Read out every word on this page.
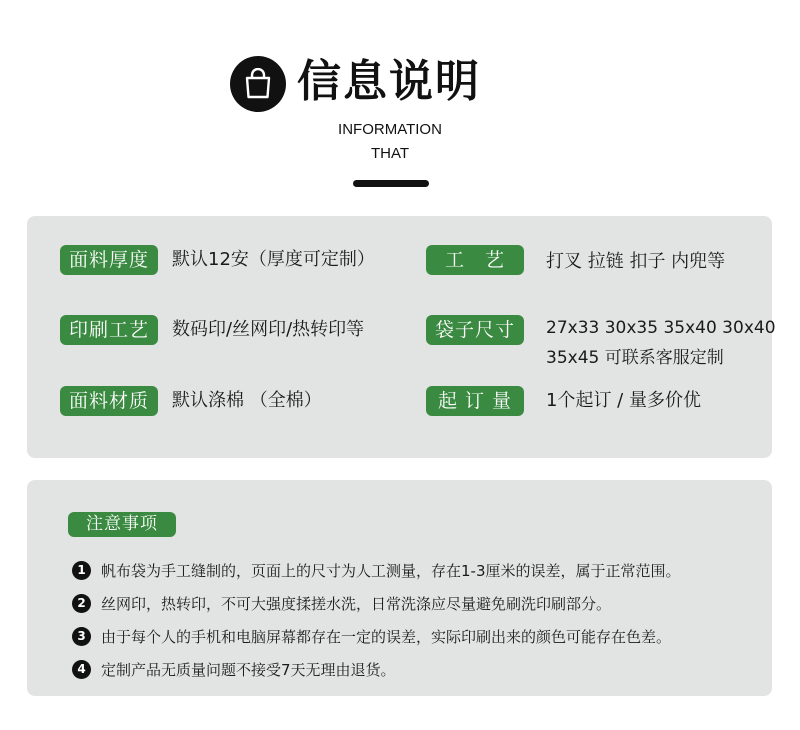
信息说明
INFORMATION
THAT
面料厚度	默认12安（厚度可定制）	工　艺	打叉 拉链 扣子 内兜等
印刷工艺	数码印/丝网印/热转印等	袋子尺寸	27x33 30x35 35x40 30x40
35x45 可联系客服定制
面料材质	默认涤棉 （全棉）	起 订 量	1个起订 / 量多价优
注意事项
1	帆布袋为手工缝制的，页面上的尺寸为人工测量，存在1-3厘米的误差，属于正常范围。
2	丝网印，热转印，不可大强度揉搓水洗，日常洗涤应尽量避免刷洗印刷部分。
3	由于每个人的手机和电脑屏幕都存在一定的误差，实际印刷出来的颜色可能存在色差。
4	定制产品无质量问题不接受7天无理由退货。
